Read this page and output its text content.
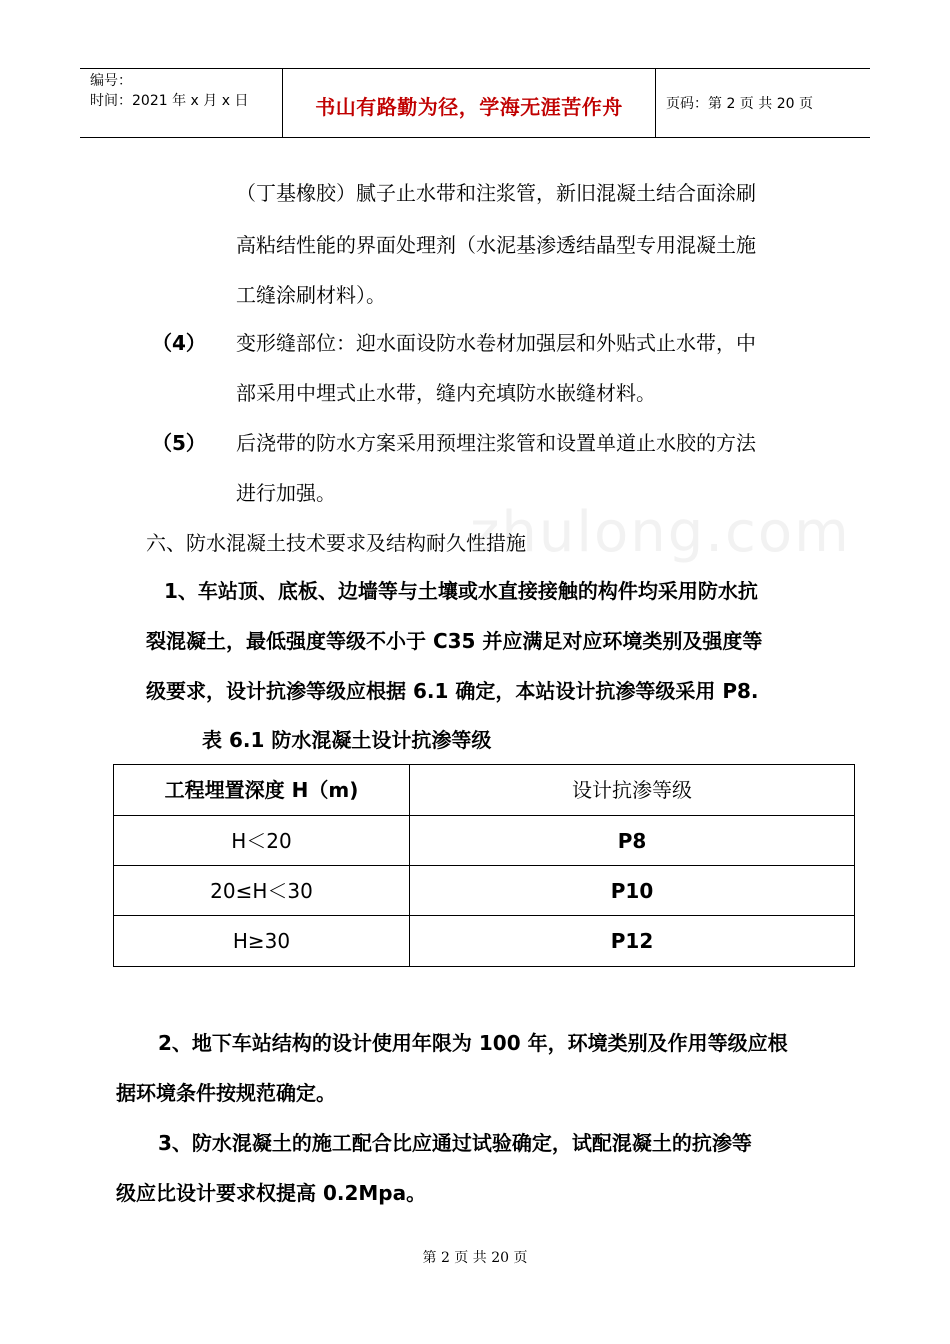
编号：
时间：2021 年 x 月 x 日	书山有路勤为径，学海无涯苦作舟	页码：第 2 页 共 20 页
zhulong.com
（丁基橡胶）腻子止水带和注浆管，新旧混凝土结合面涂刷
高粘结性能的界面处理剂（水泥基渗透结晶型专用混凝土施
工缝涂刷材料）。
（4） 变形缝部位：迎水面设防水卷材加强层和外贴式止水带，中
部采用中埋式止水带，缝内充填防水嵌缝材料。
（5） 后浇带的防水方案采用预埋注浆管和设置单道止水胶的方法
进行加强。
六、防水混凝土技术要求及结构耐久性措施
1、车站顶、底板、边墙等与土壤或水直接接触的构件均采用防水抗
裂混凝土，最低强度等级不小于 C35 并应满足对应环境类别及强度等
级要求，设计抗渗等级应根据 6.1 确定，本站设计抗渗等级采用 P8.
表 6.1 防水混凝土设计抗渗等级
工程埋置深度 H（m)	设计抗渗等级
H＜20	P8
20≤H＜30	P10
H≥30	P12
2、地下车站结构的设计使用年限为 100 年，环境类别及作用等级应根
据环境条件按规范确定。
3、防水混凝土的施工配合比应通过试验确定，试配混凝土的抗渗等
级应比设计要求权提高 0.2Mpa。
第 2 页 共 20 页
